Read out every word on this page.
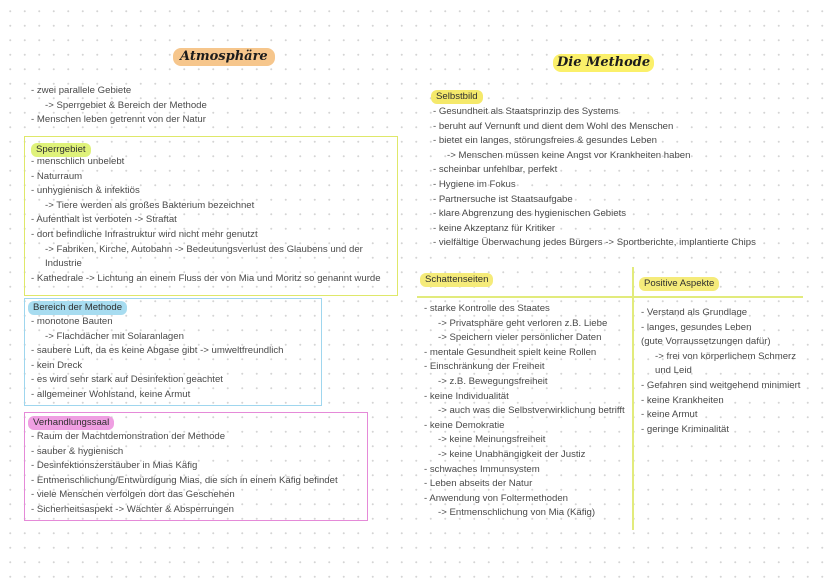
Atmosphäre	Die Methode
- zwei parallele Gebiete
-> Sperrgebiet & Bereich der Methode
- Menschen leben getrennt von der Natur
Sperrgebiet
- menschlich unbelebt
- Naturraum
- unhygienisch & infektiös
-> Tiere werden als großes Bakterium bezeichnet
- Aufenthalt ist verboten -> Straftat
- dort befindliche Infrastruktur wird nicht mehr genutzt
-> Fabriken, Kirche, Autobahn -> Bedeutungsverlust des Glaubens und der
Industrie
- Kathedrale -> Lichtung an einem Fluss der von Mia und Moritz so genannt wurde
Bereich der Methode
- monotone Bauten
-> Flachdächer mit Solaranlagen
- saubere Luft, da es keine Abgase gibt -> umweltfreundlich
- kein Dreck
- es wird sehr stark auf Desinfektion geachtet
- allgemeiner Wohlstand, keine Armut
Verhandlungssaal
- Raum der Machtdemonstration der Methode
- sauber & hygienisch
- Desinfektionszerstäuber in Mias Käfig
- Entmenschlichung/Entwürdigung Mias, die sich in einem Käfig befindet
- viele Menschen verfolgen dort das Geschehen
- Sicherheitsaspekt -> Wächter & Absperrungen
Selbstbild
- Gesundheit als Staatsprinzip des Systems
- beruht auf Vernunft und dient dem Wohl des Menschen
- bietet ein langes, störungsfreies & gesundes Leben
-> Menschen müssen keine Angst vor Krankheiten haben
- scheinbar unfehlbar, perfekt
- Hygiene im Fokus
- Partnersuche ist Staatsaufgabe
- klare Abgrenzung des hygienischen Gebiets
- keine Akzeptanz für Kritiker
- vielfältige Überwachung jedes Bürgers -> Sportberichte, implantierte Chips
Schattenseiten
- starke Kontrolle des Staates
-> Privatsphäre geht verloren z.B. Liebe
-> Speichern vieler persönlicher Daten
- mentale Gesundheit spielt keine Rollen
- Einschränkung der Freiheit
-> z.B. Bewegungsfreiheit
- keine Individualität
-> auch was die Selbstverwirklichung betrifft
- keine Demokratie
-> keine Meinungsfreiheit
-> keine Unabhängigkeit der Justiz
- schwaches Immunsystem
- Leben abseits der Natur
- Anwendung von Foltermethoden
-> Entmenschlichung von Mia (Käfig)
Positive Aspekte
- Verstand als Grundlage
- langes, gesundes Leben
(gute Vorraussetzungen dafür)
-> frei von körperlichem Schmerz
und Leid
- Gefahren sind weitgehend minimiert
- keine Krankheiten
- keine Armut
- geringe Kriminalität
